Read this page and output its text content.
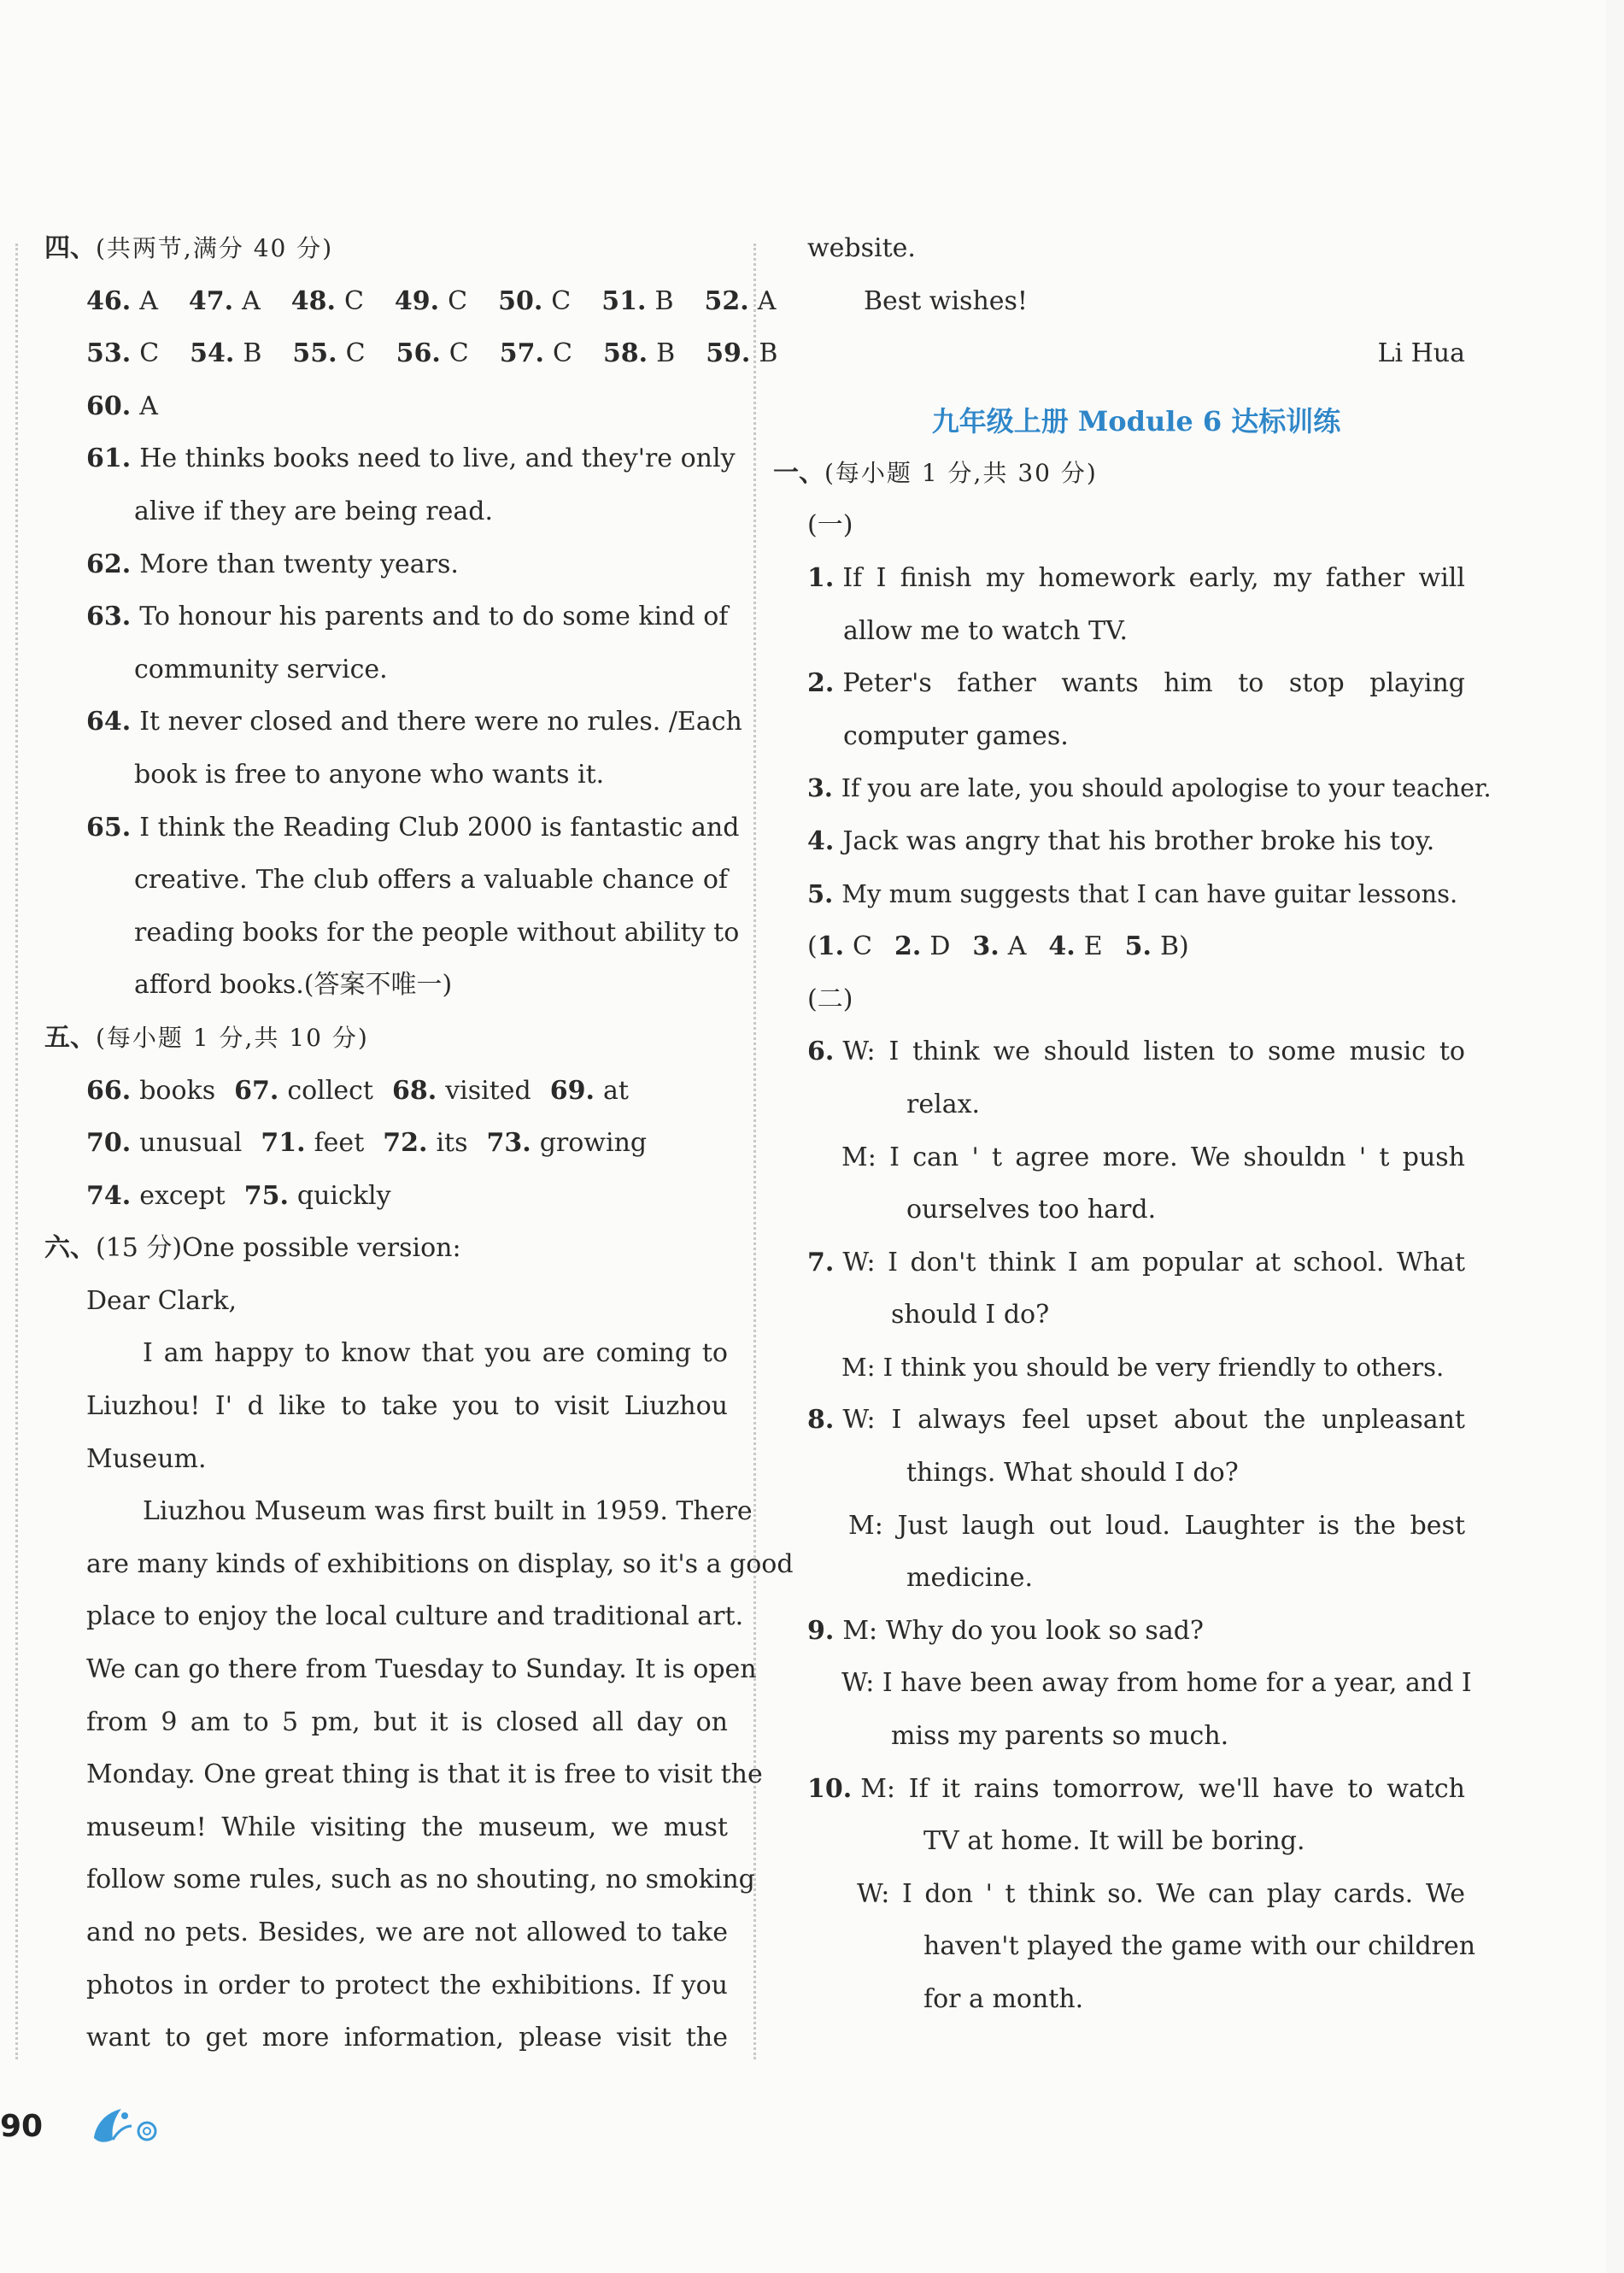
四、(共两节,满分 40 分)
46. A 47. A 48. C 49. C 50. C 51. B 52. A
53. C 54. B 55. C 56. C 57. C 58. B 59. B
60. A
61. He thinks books need to live, and they're only
alive if they are being read.
62. More than twenty years.
63. To honour his parents and to do some kind of
community service.
64. It never closed and there were no rules. /Each
book is free to anyone who wants it.
65. I think the Reading Club 2000 is fantastic and
creative. The club offers a valuable chance of
reading books for the people without ability to
afford books.(答案不唯一)
五、(每小题 1 分,共 10 分)
66. books 67. collect 68. visited 69. at
70. unusual 71. feet 72. its 73. growing
74. except 75. quickly
六、(15 分)One possible version:
Dear Clark,
I am happy to know that you are coming to
Liuzhou! I' d like to take you to visit Liuzhou
Museum.
Liuzhou Museum was first built in 1959. There
are many kinds of exhibitions on display, so it's a good
place to enjoy the local culture and traditional art.
We can go there from Tuesday to Sunday. It is open
from 9 am to 5 pm, but it is closed all day on
Monday. One great thing is that it is free to visit the
museum! While visiting the museum, we must
follow some rules, such as no shouting, no smoking
and no pets. Besides, we are not allowed to take
photos in order to protect the exhibitions. If you
want to get more information, please visit the
website.
Best wishes!
Li Hua
九年级上册 Module 6 达标训练
一、(每小题 1 分,共 30 分)
(一)
1. If I finish my homework early, my father will
allow me to watch TV.
2. Peter's father wants him to stop playing
computer games.
3. If you are late, you should apologise to your teacher.
4. Jack was angry that his brother broke his toy.
5. My mum suggests that I can have guitar lessons.
(1. C 2. D 3. A 4. E 5. B)
(二)
6. W: I think we should listen to some music to
relax.
M: I can ' t agree more. We shouldn ' t push
ourselves too hard.
7. W: I don't think I am popular at school. What
should I do?
M: I think you should be very friendly to others.
8. W: I always feel upset about the unpleasant
things. What should I do?
M: Just laugh out loud. Laughter is the best
medicine.
9. M: Why do you look so sad?
W: I have been away from home for a year, and I
miss my parents so much.
10. M: If it rains tomorrow, we'll have to watch
TV at home. It will be boring.
W: I don ' t think so. We can play cards. We
haven't played the game with our children
for a month.
90
